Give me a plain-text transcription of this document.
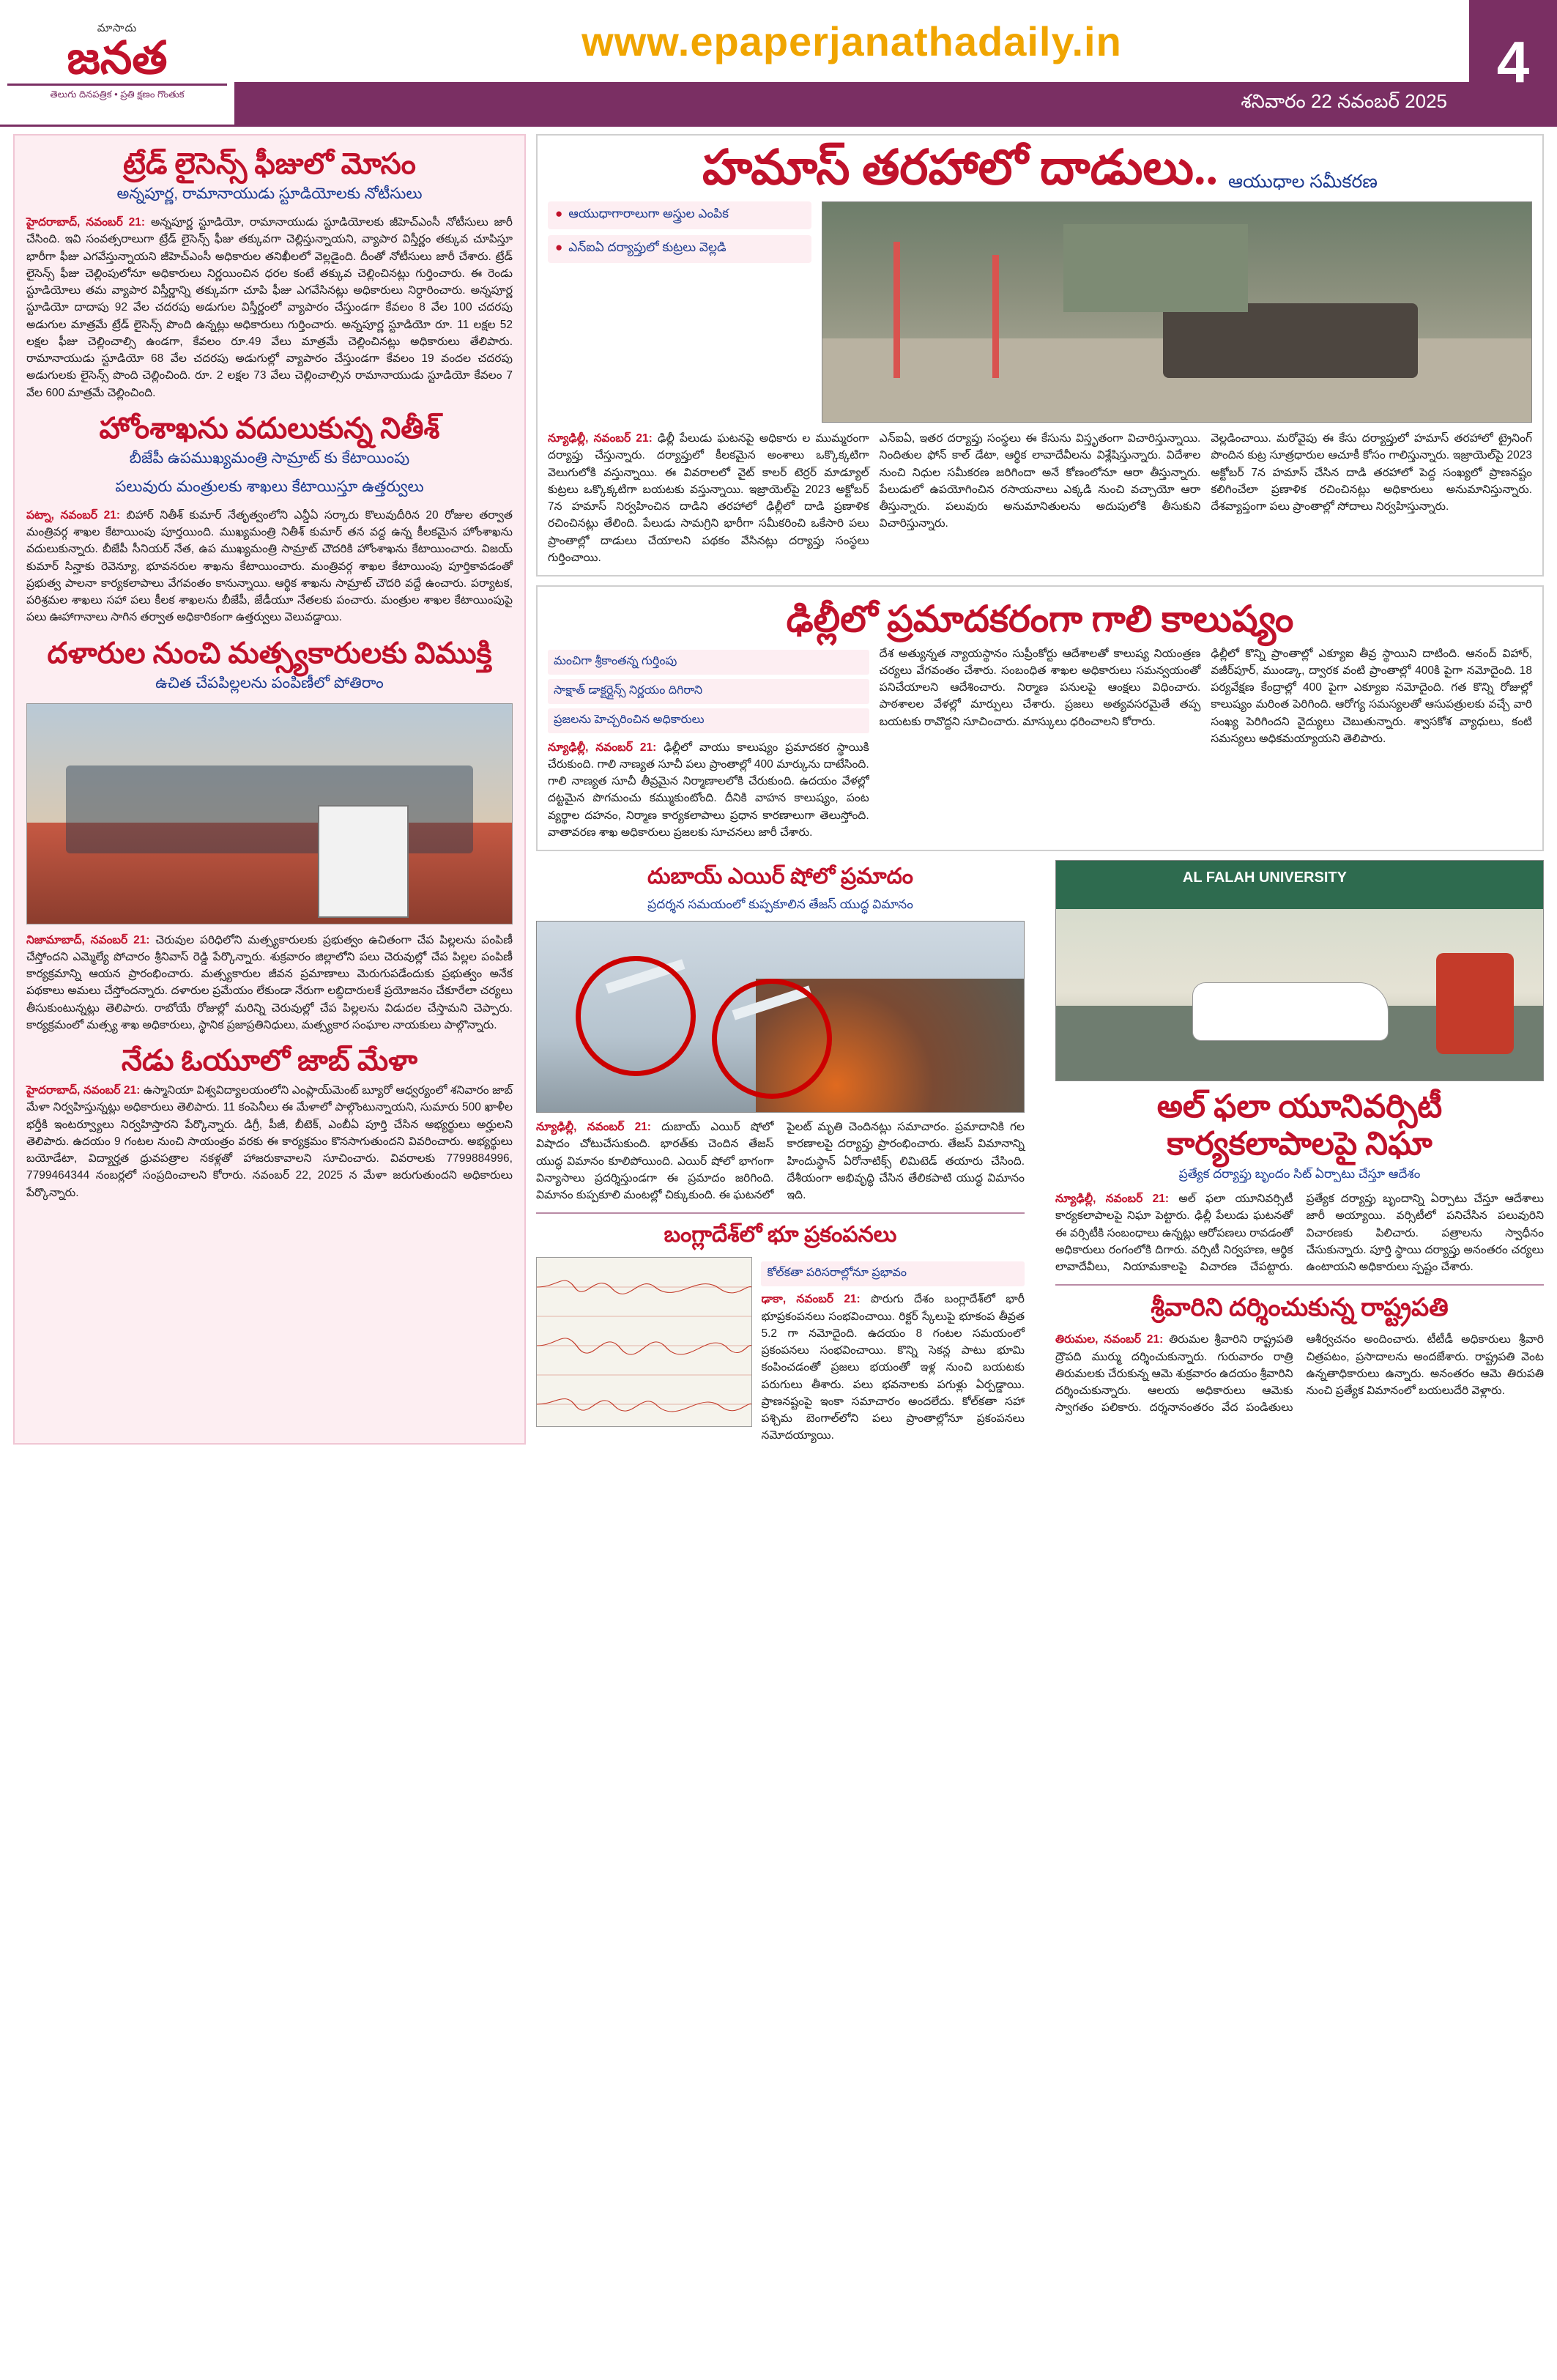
మాసాదు
జనత
తెలుగు దినపత్రిక • ప్రతి క్షణం గొంతుక
www.epaperjanathadaily.in
శనివారం 22 నవంబర్ 2025
4
ట్రేడ్ లైసెన్స్ ఫీజులో మోసం
అన్నపూర్ణ, రామానాయుడు స్టూడియోలకు నోటీసులు
హైదరాబాద్, నవంబర్ 21: అన్నపూర్ణ స్టూడియో, రామానాయుడు స్టూడియోలకు జీహెచ్ఎంసీ నోటీసులు జారీ చేసింది. ఇవి సంవత్సరాలుగా ట్రేడ్ లైసెన్స్ ఫీజు తక్కువగా చెల్లిస్తున్నాయని, వ్యాపార విస్తీర్ణం తక్కువ చూపిస్తూ భారీగా ఫీజు ఎగవేస్తున్నాయని జీహెచ్ఎంసీ అధికారుల తనిఖీలలో వెల్లడైంది. దీంతో నోటీసులు జారీ చేశారు. ట్రేడ్ లైసెన్స్ ఫీజు చెల్లింపులోనూ అధికారులు నిర్ణయించిన ధరల కంటే తక్కువ చెల్లించినట్లు గుర్తించారు. ఈ రెండు స్టూడియోలు తమ వ్యాపార విస్తీర్ణాన్ని తక్కువగా చూపి ఫీజు ఎగవేసినట్లు అధికారులు నిర్ధారించారు. అన్నపూర్ణ స్టూడియో దాదాపు 92 వేల చదరపు అడుగుల విస్తీర్ణంలో వ్యాపారం చేస్తుండగా కేవలం 8 వేల 100 చదరపు అడుగుల మాత్రమే ట్రేడ్ లైసెన్స్ పొంది ఉన్నట్లు అధికారులు గుర్తించారు. అన్నపూర్ణ స్టూడియో రూ. 11 లక్షల 52 లక్షల ఫీజు చెల్లించాల్సి ఉండగా, కేవలం రూ.49 వేలు మాత్రమే చెల్లించినట్లు అధికారులు తేలిపారు. రామానాయుడు స్టూడియో 68 వేల చదరపు అడుగుల్లో వ్యాపారం చేస్తుండగా కేవలం 19 వందల చదరపు అడుగులకు లైసెన్స్ పొంది చెల్లించింది. రూ. 2 లక్షల 73 వేలు చెల్లించాల్సిన రామానాయుడు స్టూడియో కేవలం 7 వేల 600 మాత్రమే చెల్లించింది.
హోంశాఖను వదులుకున్న నితీశ్
బీజేపీ ఉపముఖ్యమంత్రి సామ్రాట్ కు కేటాయింపు
పలువురు మంత్రులకు శాఖలు కేటాయిస్తూ ఉత్తర్వులు
పట్నా, నవంబర్ 21: బిహార్ నితీశ్ కుమార్ నేతృత్వంలోని ఎన్డీఏ సర్కారు కొలువుదీరిన 20 రోజుల తర్వాత మంత్రివర్గ శాఖల కేటాయింపు పూర్తయింది. ముఖ్యమంత్రి నితీశ్ కుమార్ తన వద్ద ఉన్న కీలకమైన హోంశాఖను వదులుకున్నారు. బీజేపీ సీనియర్ నేత, ఉప ముఖ్యమంత్రి సామ్రాట్ చౌదరికి హోంశాఖను కేటాయించారు. విజయ్ కుమార్ సిన్హాకు రెవెన్యూ, భూవనరుల శాఖను కేటాయించారు. మంత్రివర్గ శాఖల కేటాయింపు పూర్తికావడంతో ప్రభుత్వ పాలనా కార్యకలాపాలు వేగవంతం కానున్నాయి. ఆర్థిక శాఖను సామ్రాట్ చౌదరి వద్దే ఉంచారు. పర్యాటక, పరిశ్రమల శాఖలు సహా పలు కీలక శాఖలను బీజేపీ, జేడీయూ నేతలకు పంచారు. మంత్రుల శాఖల కేటాయింపుపై పలు ఊహాగానాలు సాగిన తర్వాత అధికారికంగా ఉత్తర్వులు వెలువడ్డాయి.
దళారుల నుంచి మత్స్యకారులకు విముక్తి
ఉచిత చేపపిల్లలను పంపిణీలో పోతిరాం
నిజామాబాద్, నవంబర్ 21: చెరువుల పరిధిలోని మత్స్యకారులకు ప్రభుత్వం ఉచితంగా చేప పిల్లలను పంపిణీ చేస్తోందని ఎమ్మెల్యే పోచారం శ్రీనివాస్ రెడ్డి పేర్కొన్నారు. శుక్రవారం జిల్లాలోని పలు చెరువుల్లో చేప పిల్లల పంపిణీ కార్యక్రమాన్ని ఆయన ప్రారంభించారు. మత్స్యకారుల జీవన ప్రమాణాలు మెరుగుపడేందుకు ప్రభుత్వం అనేక పథకాలు అమలు చేస్తోందన్నారు. దళారుల ప్రమేయం లేకుండా నేరుగా లబ్ధిదారులకే ప్రయోజనం చేకూరేలా చర్యలు తీసుకుంటున్నట్లు తెలిపారు. రాబోయే రోజుల్లో మరిన్ని చెరువుల్లో చేప పిల్లలను విడుదల చేస్తామని చెప్పారు. కార్యక్రమంలో మత్స్య శాఖ అధికారులు, స్థానిక ప్రజాప్రతినిధులు, మత్స్యకార సంఘాల నాయకులు పాల్గొన్నారు.
నేడు ఓయూలో జాబ్ మేళా
హైదరాబాద్, నవంబర్ 21: ఉస్మానియా విశ్వవిద్యాలయంలోని ఎంప్లాయ్‌మెంట్ బ్యూరో ఆధ్వర్యంలో శనివారం జాబ్ మేళా నిర్వహిస్తున్నట్లు అధికారులు తెలిపారు. 11 కంపెనీలు ఈ మేళాలో పాల్గొంటున్నాయని, సుమారు 500 ఖాళీల భర్తీకి ఇంటర్వ్యూలు నిర్వహిస్తారని పేర్కొన్నారు. డిగ్రీ, పీజీ, బీటెక్, ఎంబీఏ పూర్తి చేసిన అభ్యర్థులు అర్హులని తెలిపారు. ఉదయం 9 గంటల నుంచి సాయంత్రం వరకు ఈ కార్యక్రమం కొనసాగుతుందని వివరించారు. అభ్యర్థులు బయోడేటా, విద్యార్హత ధ్రువపత్రాల నకళ్లతో హాజరుకావాలని సూచించారు. వివరాలకు 7799884996, 7799464344 నంబర్లలో సంప్రదించాలని కోరారు. నవంబర్ 22, 2025 న మేళా జరుగుతుందని అధికారులు పేర్కొన్నారు.
హమాస్ తరహాలో దాడులు.. ఆయుధాల సమీకరణ
● ఆయుధాగారాలుగా అస్త్రుల ఎంపిక
● ఎన్ఐఏ దర్యాప్తులో కుట్రలు వెల్లడి
న్యూఢిల్లీ, నవంబర్ 21: ఢిల్లీ పేలుడు ఘటనపై అధికారు ల ముమ్మరంగా దర్యాప్తు చేస్తున్నారు. దర్యాప్తులో కీలకమైన అంశాలు ఒక్కొక్కటిగా వెలుగులోకి వస్తున్నాయి. ఈ వివరాలలో వైట్ కాలర్ టెర్రర్ మాడ్యూల్ కుట్రలు ఒక్కొక్కటిగా బయటకు వస్తున్నాయి. ఇజ్రాయెల్‌పై 2023 అక్టోబర్ 7న హమాస్ నిర్వహించిన దాడిని తరహాలో ఢిల్లీలో దాడి ప్రణాళిక రచించినట్లు తేలింది. పేలుడు సామగ్రిని భారీగా సమీకరించి ఒకేసారి పలు ప్రాంతాల్లో దాడులు చేయాలని పథకం వేసినట్లు దర్యాప్తు సంస్థలు గుర్తించాయి.
ఎన్ఐఏ, ఇతర దర్యాప్తు సంస్థలు ఈ కేసును విస్తృతంగా విచారిస్తున్నాయి. నిందితుల ఫోన్ కాల్ డేటా, ఆర్థిక లావాదేవీలను విశ్లేషిస్తున్నారు. విదేశాల నుంచి నిధుల సమీకరణ జరిగిందా అనే కోణంలోనూ ఆరా తీస్తున్నారు. పేలుడులో ఉపయోగించిన రసాయనాలు ఎక్కడి నుంచి వచ్చాయో ఆరా తీస్తున్నారు. పలువురు అనుమానితులను అదుపులోకి తీసుకుని విచారిస్తున్నారు.
వెల్లడించాయి. మరోవైపు ఈ కేసు దర్యాప్తులో హమాస్ తరహాలో ట్రైనింగ్ పొందిన కుట్ర సూత్రధారుల ఆచూకీ కోసం గాలిస్తున్నారు. ఇజ్రాయెల్‌పై 2023 అక్టోబర్ 7న హమాస్ చేసిన దాడి తరహాలో పెద్ద సంఖ్యలో ప్రాణనష్టం కలిగించేలా ప్రణాళిక రచించినట్లు అధికారులు అనుమానిస్తున్నారు. దేశవ్యాప్తంగా పలు ప్రాంతాల్లో సోదాలు నిర్వహిస్తున్నారు.
ఢిల్లీలో ప్రమాదకరంగా గాలి కాలుష్యం
మంచిగా శ్రీకాంతన్న గుర్తింపు
సాక్షాత్ డాక్టర్లైన్స్ నిర్ణయం దిగిరాని
ప్రజలను హెచ్చరించిన అధికారులు
న్యూఢిల్లీ, నవంబర్ 21: ఢిల్లీలో వాయు కాలుష్యం ప్రమాదకర స్థాయికి చేరుకుంది. గాలి నాణ్యత సూచీ పలు ప్రాంతాల్లో 400 మార్కును దాటేసింది. గాలి నాణ్యత సూచీ తీవ్రమైన నిర్మాణాలలోకి చేరుకుంది. ఉదయం వేళల్లో దట్టమైన పొగమంచు కమ్ముకుంటోంది. దీనికి వాహన కాలుష్యం, పంట వ్యర్థాల దహనం, నిర్మాణ కార్యకలాపాలు ప్రధాన కారణాలుగా తెలుస్తోంది. వాతావరణ శాఖ అధికారులు ప్రజలకు సూచనలు జారీ చేశారు.
దేశ అత్యున్నత న్యాయస్థానం సుప్రీంకోర్టు ఆదేశాలతో కాలుష్య నియంత్రణ చర్యలు వేగవంతం చేశారు. సంబంధిత శాఖల అధికారులు సమన్వయంతో పనిచేయాలని ఆదేశించారు. నిర్మాణ పనులపై ఆంక్షలు విధించారు. పాఠశాలల వేళల్లో మార్పులు చేశారు. ప్రజలు అత్యవసరమైతే తప్ప బయటకు రావొద్దని సూచించారు. మాస్కులు ధరించాలని కోరారు.
ఢిల్లీలో కొన్ని ప్రాంతాల్లో ఎక్యూఐ తీవ్ర స్థాయిని దాటింది. ఆనంద్ విహార్, వజీర్‌పూర్, ముండ్కా, ద్వారక వంటి ప్రాంతాల్లో 400కి పైగా నమోదైంది. 18 పర్యవేక్షణ కేంద్రాల్లో 400 పైగా ఎక్యూఐ నమోదైంది. గత కొన్ని రోజుల్లో కాలుష్యం మరింత పెరిగింది. ఆరోగ్య సమస్యలతో ఆసుపత్రులకు వచ్చే వారి సంఖ్య పెరిగిందని వైద్యులు చెబుతున్నారు. శ్వాసకోశ వ్యాధులు, కంటి సమస్యలు అధికమయ్యాయని తెలిపారు.
దుబాయ్ ఎయిర్ షోలో ప్రమాదం
ప్రదర్శన సమయంలో కుప్పకూలిన తేజస్ యుద్ధ విమానం
న్యూఢిల్లీ, నవంబర్ 21: దుబాయ్ ఎయిర్ షోలో విషాదం చోటుచేసుకుంది. భారత్‌కు చెందిన తేజస్ యుద్ధ విమానం కూలిపోయింది. ఎయిర్ షోలో భాగంగా విన్యాసాలు ప్రదర్శిస్తుండగా ఈ ప్రమాదం జరిగింది. విమానం కుప్పకూలి మంటల్లో చిక్కుకుంది. ఈ ఘటనలో పైలట్ మృతి చెందినట్లు సమాచారం. ప్రమాదానికి గల కారణాలపై దర్యాప్తు ప్రారంభించారు. తేజస్ విమానాన్ని హిందుస్థాన్ ఏరోనాటిక్స్ లిమిటెడ్ తయారు చేసింది. దేశీయంగా అభివృద్ధి చేసిన తేలికపాటి యుద్ధ విమానం ఇది.
బంగ్లాదేశ్‌లో భూ ప్రకంపనలు
కోల్‌కతా పరిసరాల్లోనూ ప్రభావం
ఢాకా, నవంబర్ 21: పొరుగు దేశం బంగ్లాదేశ్‌లో భారీ భూప్రకంపనలు సంభవించాయి. రిక్టర్ స్కేలుపై భూకంప తీవ్రత 5.2 గా నమోదైంది. ఉదయం 8 గంటల సమయంలో ప్రకంపనలు సంభవించాయి. కొన్ని సెకన్ల పాటు భూమి కంపించడంతో ప్రజలు భయంతో ఇళ్ల నుంచి బయటకు పరుగులు తీశారు. పలు భవనాలకు పగుళ్లు ఏర్పడ్డాయి. ప్రాణనష్టంపై ఇంకా సమాచారం అందలేదు. కోల్‌కతా సహా పశ్చిమ బెంగాల్‌లోని పలు ప్రాంతాల్లోనూ ప్రకంపనలు నమోదయ్యాయి.
AL FALAH UNIVERSITY
అల్ ఫలా యూనివర్సిటీ
కార్యకలాపాలపై నిఘా
ప్రత్యేక దర్యాప్తు బృందం సిట్ ఏర్పాటు చేస్తూ ఆదేశం
న్యూఢిల్లీ, నవంబర్ 21: అల్ ఫలా యూనివర్సిటీ కార్యకలాపాలపై నిఘా పెట్టారు. ఢిల్లీ పేలుడు ఘటనతో ఈ వర్సిటీకి సంబంధాలు ఉన్నట్లు ఆరోపణలు రావడంతో అధికారులు రంగంలోకి దిగారు. వర్సిటీ నిర్వహణ, ఆర్థిక లావాదేవీలు, నియామకాలపై విచారణ చేపట్టారు. ప్రత్యేక దర్యాప్తు బృందాన్ని ఏర్పాటు చేస్తూ ఆదేశాలు జారీ అయ్యాయి. వర్సిటీలో పనిచేసిన పలువురిని విచారణకు పిలిచారు. పత్రాలను స్వాధీనం చేసుకున్నారు. పూర్తి స్థాయి దర్యాప్తు అనంతరం చర్యలు ఉంటాయని అధికారులు స్పష్టం చేశారు.
శ్రీవారిని దర్శించుకున్న రాష్ట్రపతి
తిరుమల, నవంబర్ 21: తిరుమల శ్రీవారిని రాష్ట్రపతి ద్రౌపది ముర్ము దర్శించుకున్నారు. గురువారం రాత్రి తిరుమలకు చేరుకున్న ఆమె శుక్రవారం ఉదయం శ్రీవారిని దర్శించుకున్నారు. ఆలయ అధికారులు ఆమెకు స్వాగతం పలికారు. దర్శనానంతరం వేద పండితులు ఆశీర్వచనం అందించారు. టీటీడీ అధికారులు శ్రీవారి చిత్రపటం, ప్రసాదాలను అందజేశారు. రాష్ట్రపతి వెంట ఉన్నతాధికారులు ఉన్నారు. అనంతరం ఆమె తిరుపతి నుంచి ప్రత్యేక విమానంలో బయలుదేరి వెళ్లారు.
